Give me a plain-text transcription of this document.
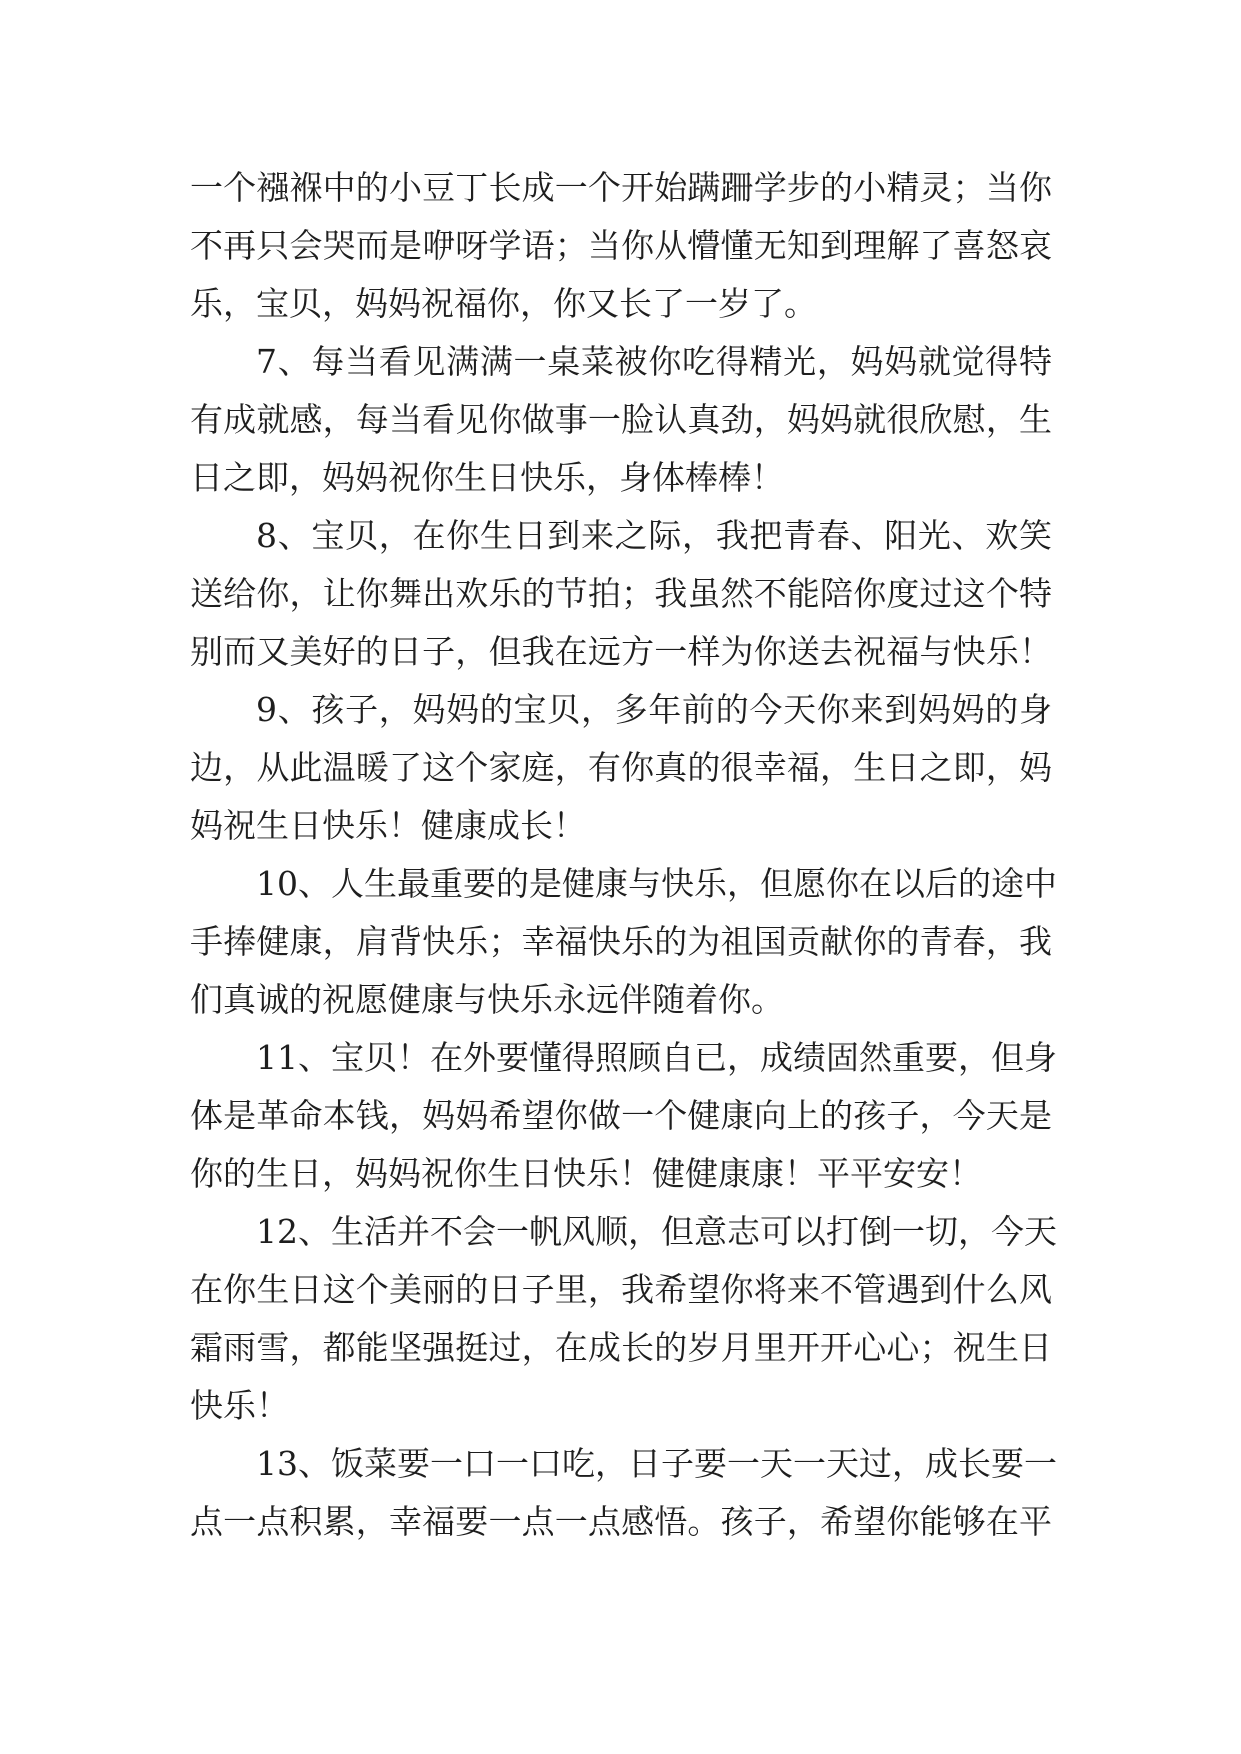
一个襁褓中的小豆丁长成一个开始蹒跚学步的小精灵；当你
不再只会哭而是咿呀学语；当你从懵懂无知到理解了喜怒哀
乐，宝贝，妈妈祝福你，你又长了一岁了。
7、每当看见满满一桌菜被你吃得精光，妈妈就觉得特
有成就感，每当看见你做事一脸认真劲，妈妈就很欣慰，生
日之即，妈妈祝你生日快乐，身体棒棒！
8、宝贝，在你生日到来之际，我把青春、阳光、欢笑
送给你，让你舞出欢乐的节拍；我虽然不能陪你度过这个特
别而又美好的日子，但我在远方一样为你送去祝福与快乐！
9、孩子，妈妈的宝贝，多年前的今天你来到妈妈的身
边，从此温暖了这个家庭，有你真的很幸福，生日之即，妈
妈祝生日快乐！健康成长！
10、人生最重要的是健康与快乐，但愿你在以后的途中
手捧健康，肩背快乐；幸福快乐的为祖国贡献你的青春，我
们真诚的祝愿健康与快乐永远伴随着你。
11、宝贝！在外要懂得照顾自已，成绩固然重要，但身
体是革命本钱，妈妈希望你做一个健康向上的孩子，今天是
你的生日，妈妈祝你生日快乐！健健康康！平平安安！
12、生活并不会一帆风顺，但意志可以打倒一切，今天
在你生日这个美丽的日子里，我希望你将来不管遇到什么风
霜雨雪，都能坚强挺过，在成长的岁月里开开心心；祝生日
快乐！
13、饭菜要一口一口吃，日子要一天一天过，成长要一
点一点积累，幸福要一点一点感悟。孩子，希望你能够在平
